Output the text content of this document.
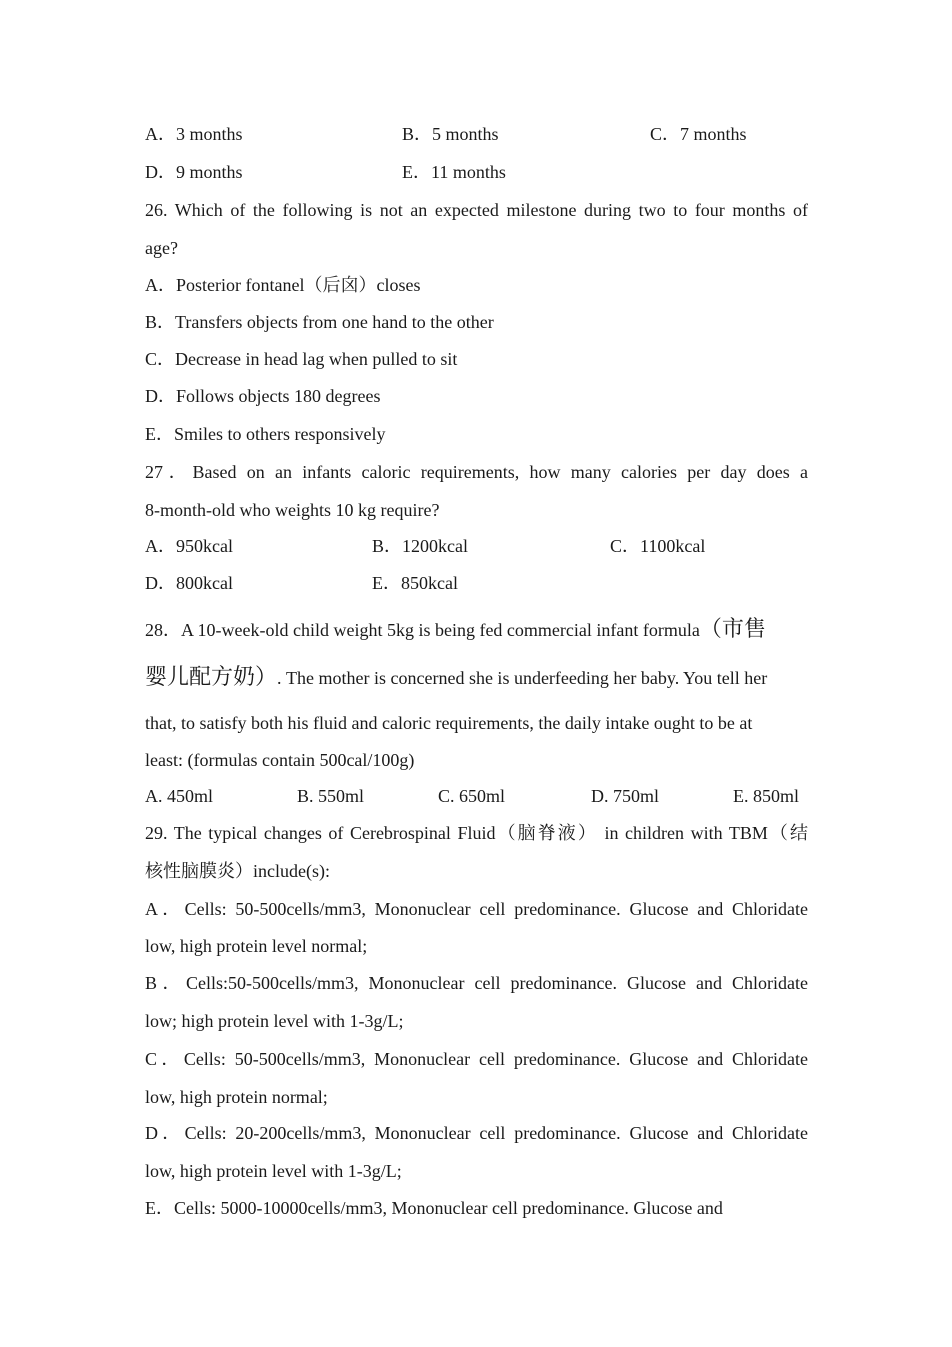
A．3 months	B．5 months	C．7 months
D．9 months	E．11 months
26. Which of the following is not an expected milestone during two to four months of
age?
A．Posterior fontanel（后囟）closes
B．Transfers objects from one hand to the other
C．Decrease in head lag when pulled to sit
D．Follows objects 180 degrees
E．Smiles to others responsively
27．Based on an infants caloric requirements, how many calories per day does a
8-month-old who weights 10 kg require?
A．950kcal	B．1200kcal	C．1100kcal
D．800kcal	E．850kcal
28．A 10-week-old child weight 5kg is being fed commercial infant formula（市售
婴儿配方奶）. The mother is concerned she is underfeeding her baby. You tell her
that, to satisfy both his fluid and caloric requirements, the daily intake ought to be at
least: (formulas contain 500cal/100g)
A. 450ml	B. 550ml	C. 650ml	D. 750ml	E. 850ml
29. The typical changes of Cerebrospinal Fluid（脑脊液） in children with TBM（结
核性脑膜炎）include(s):
A．Cells: 50-500cells/mm3, Mononuclear cell predominance. Glucose and Chloridate
low, high protein level normal;
B．Cells:50-500cells/mm3, Mononuclear cell predominance. Glucose and Chloridate
low; high protein level with 1-3g/L;
C．Cells: 50-500cells/mm3, Mononuclear cell predominance. Glucose and Chloridate
low, high protein normal;
D．Cells: 20-200cells/mm3, Mononuclear cell predominance. Glucose and Chloridate
low, high protein level with 1-3g/L;
E．Cells: 5000-10000cells/mm3, Mononuclear cell predominance. Glucose and
